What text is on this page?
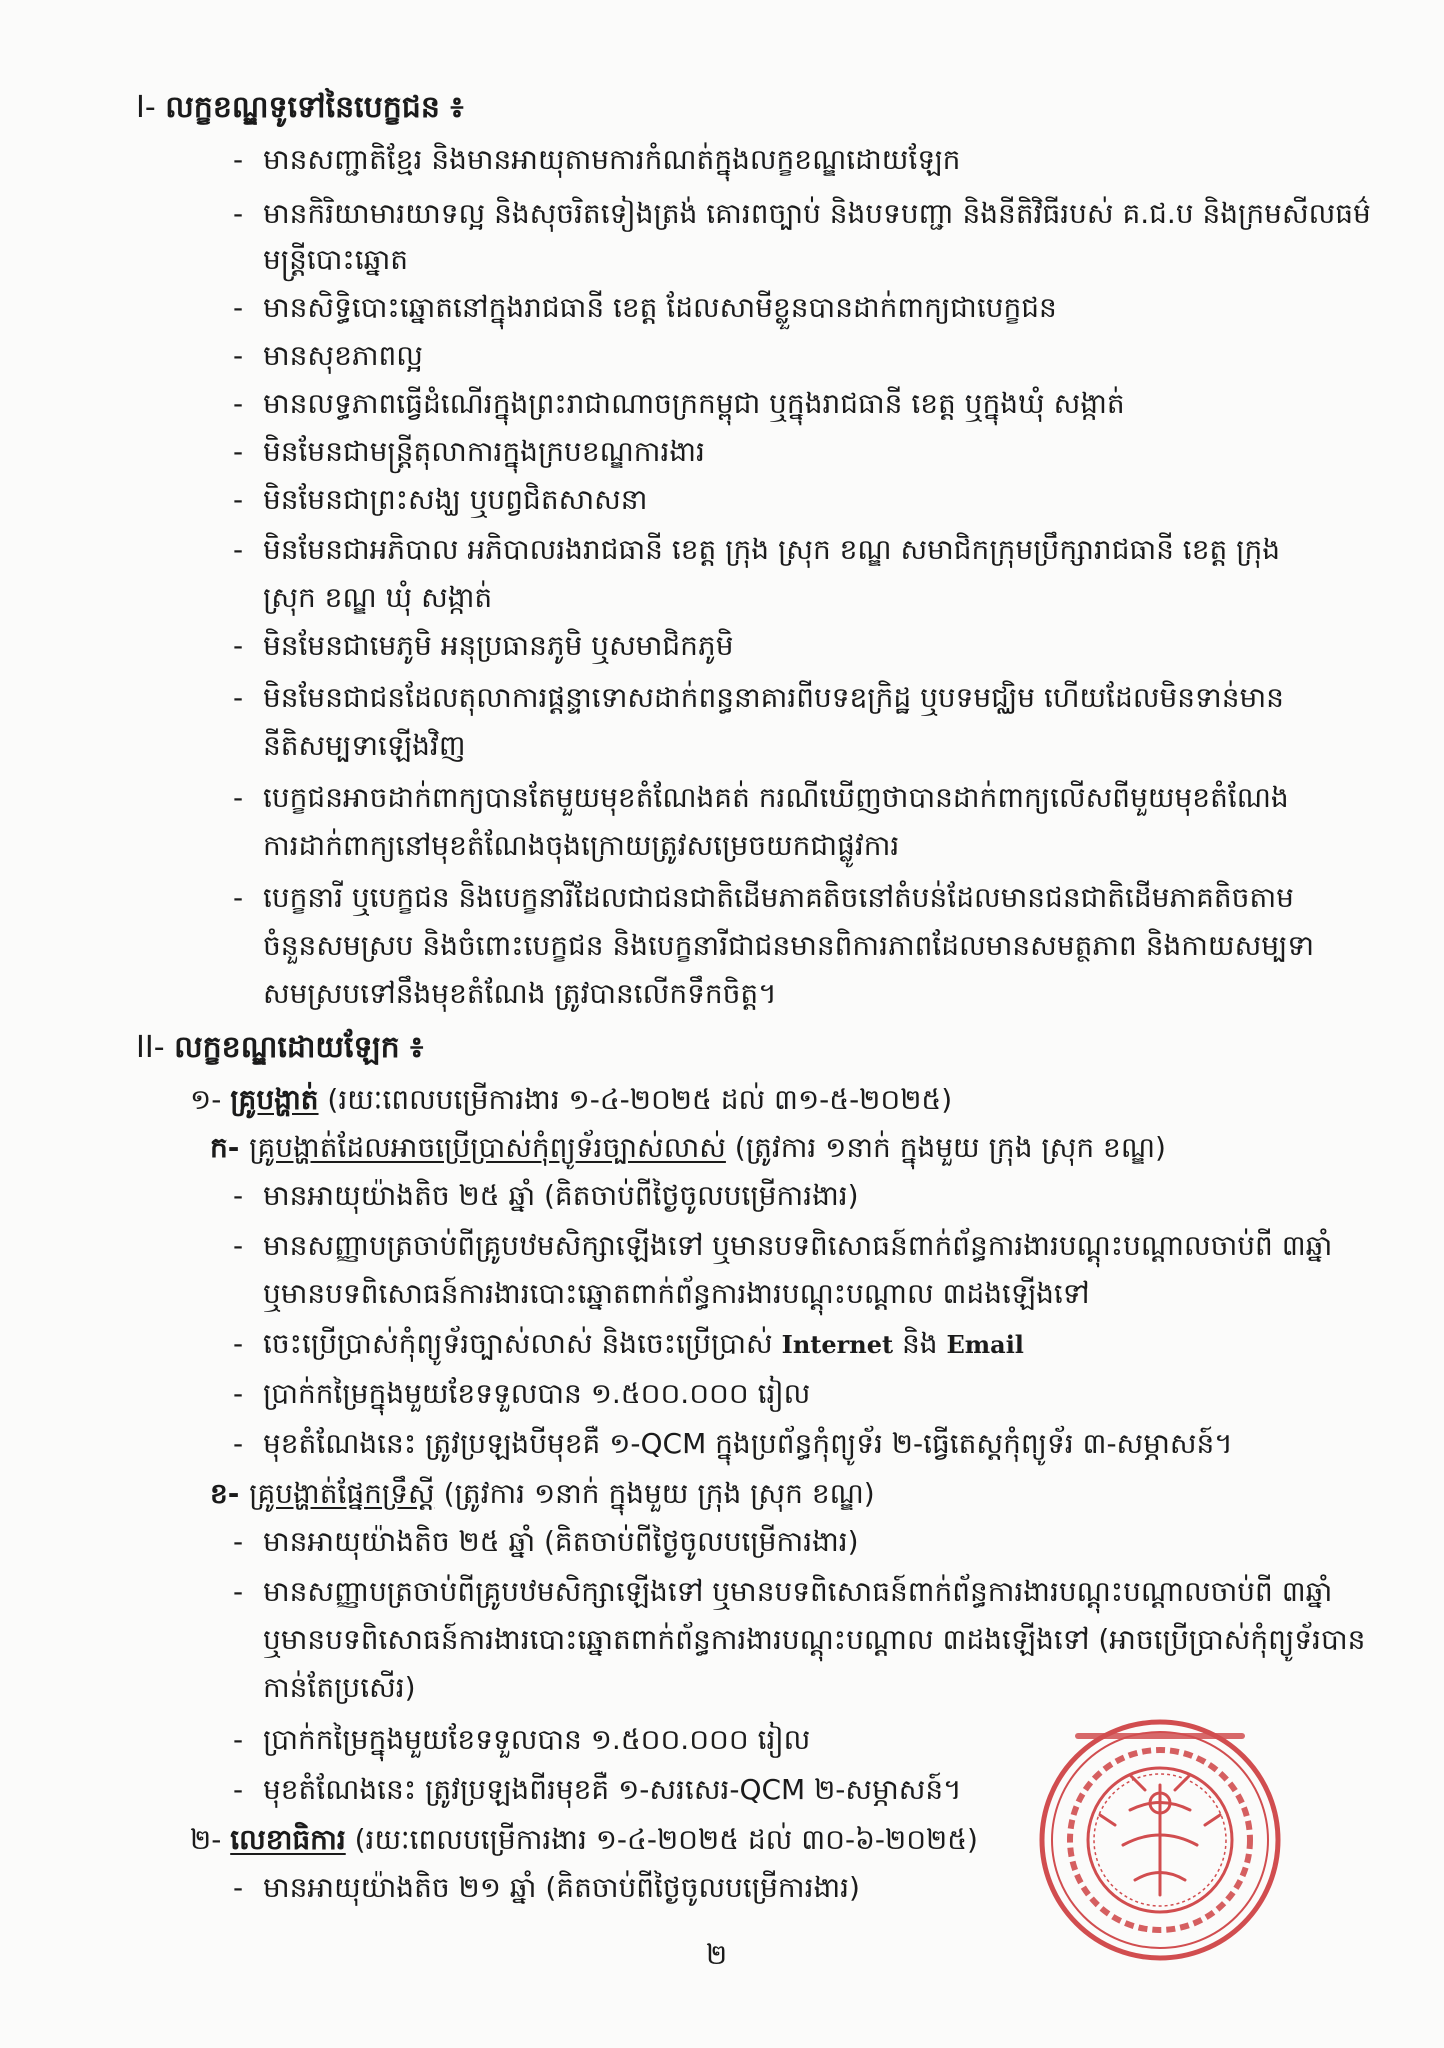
I- លក្ខខណ្ឌទូទៅនៃបេក្ខជន ៖
- មានសញ្ជាតិខ្មែរ និងមានអាយុតាមការកំណត់ក្នុងលក្ខខណ្ឌដោយឡែក
- មានកិរិយាមារយាទល្អ និងសុចរិតទៀងត្រង់ គោរពច្បាប់ និងបទបញ្ជា និងនីតិវិធីរបស់ គ.ជ.ប និងក្រមសីលធម៌
មន្ត្រីបោះឆ្នោត
- មានសិទ្ធិបោះឆ្នោតនៅក្នុងរាជធានី ខេត្ត ដែលសាមីខ្លួនបានដាក់ពាក្យជាបេក្ខជន
- មានសុខភាពល្អ
- មានលទ្ធភាពធ្វើដំណើរក្នុងព្រះរាជាណាចក្រកម្ពុជា ឬក្នុងរាជធានី ខេត្ត ឬក្នុងឃុំ សង្កាត់
- មិនមែនជាមន្ត្រីតុលាការក្នុងក្របខណ្ឌការងារ
- មិនមែនជាព្រះសង្ឃ ឬបព្វជិតសាសនា
- មិនមែនជាអភិបាល អភិបាលរងរាជធានី ខេត្ត ក្រុង ស្រុក ខណ្ឌ សមាជិកក្រុមប្រឹក្សារាជធានី ខេត្ត ក្រុង
ស្រុក ខណ្ឌ ឃុំ សង្កាត់
- មិនមែនជាមេភូមិ អនុប្រធានភូមិ ឬសមាជិកភូមិ
- មិនមែនជាជនដែលតុលាការផ្តន្ទាទោសដាក់ពន្ធនាគារពីបទឧក្រិដ្ឋ ឬបទមជ្ឈិម ហើយដែលមិនទាន់មាន
នីតិសម្បទាឡើងវិញ
- បេក្ខជនអាចដាក់ពាក្យបានតែមួយមុខតំណែងគត់ ករណីឃើញថាបានដាក់ពាក្យលើសពីមួយមុខតំណែង
ការដាក់ពាក្យនៅមុខតំណែងចុងក្រោយត្រូវសម្រេចយកជាផ្លូវការ
- បេក្ខនារី ឬបេក្ខជន និងបេក្ខនារីដែលជាជនជាតិដើមភាគតិចនៅតំបន់ដែលមានជនជាតិដើមភាគតិចតាម
ចំនួនសមស្រប និងចំពោះបេក្ខជន និងបេក្ខនារីជាជនមានពិការភាពដែលមានសមត្ថភាព និងកាយសម្បទា
សមស្របទៅនឹងមុខតំណែង ត្រូវបានលើកទឹកចិត្ត។
II- លក្ខខណ្ឌដោយឡែក ៖
១- គ្រូបង្ហាត់ (រយៈពេលបម្រើការងារ ១-៤-២០២៥ ដល់ ៣១-៥-២០២៥)
ក- គ្រូបង្ហាត់ដែលអាចប្រើប្រាស់កុំព្យូទ័រច្បាស់លាស់ (ត្រូវការ ១នាក់ ក្នុងមួយ ក្រុង ស្រុក ខណ្ឌ)
- មានអាយុយ៉ាងតិច ២៥ ឆ្នាំ (គិតចាប់ពីថ្ងៃចូលបម្រើការងារ)
- មានសញ្ញាបត្រចាប់ពីគ្រូបឋមសិក្សាឡើងទៅ ឬមានបទពិសោធន៍ពាក់ព័ន្ធការងារបណ្តុះបណ្តាលចាប់ពី ៣ឆ្នាំ
ឬមានបទពិសោធន៍ការងារបោះឆ្នោតពាក់ព័ន្ធការងារបណ្តុះបណ្តាល ៣ដងឡើងទៅ
- ចេះប្រើប្រាស់កុំព្យូទ័រច្បាស់លាស់ និងចេះប្រើប្រាស់ Internet និង Email
- ប្រាក់កម្រៃក្នុងមួយខែទទួលបាន ១.៥០០.០០០ រៀល
- មុខតំណែងនេះ ត្រូវប្រឡងបីមុខគឺ ១-QCM ក្នុងប្រព័ន្ធកុំព្យូទ័រ ២-ធ្វើតេស្តកុំព្យូទ័រ ៣-សម្ភាសន៍។
ខ- គ្រូបង្ហាត់ផ្នែកទ្រឹស្តី (ត្រូវការ ១នាក់ ក្នុងមួយ ក្រុង ស្រុក ខណ្ឌ)
- មានអាយុយ៉ាងតិច ២៥ ឆ្នាំ (គិតចាប់ពីថ្ងៃចូលបម្រើការងារ)
- មានសញ្ញាបត្រចាប់ពីគ្រូបឋមសិក្សាឡើងទៅ ឬមានបទពិសោធន៍ពាក់ព័ន្ធការងារបណ្តុះបណ្តាលចាប់ពី ៣ឆ្នាំ
ឬមានបទពិសោធន៍ការងារបោះឆ្នោតពាក់ព័ន្ធការងារបណ្តុះបណ្តាល ៣ដងឡើងទៅ (អាចប្រើប្រាស់កុំព្យូទ័របាន
កាន់តែប្រសើរ)
- ប្រាក់កម្រៃក្នុងមួយខែទទួលបាន ១.៥០០.០០០ រៀល
- មុខតំណែងនេះ ត្រូវប្រឡងពីរមុខគឺ ១-សរសេរ-QCM ២-សម្ភាសន៍។
២- លេខាធិការ (រយៈពេលបម្រើការងារ ១-៤-២០២៥ ដល់ ៣០-៦-២០២៥)
- មានអាយុយ៉ាងតិច ២១ ឆ្នាំ (គិតចាប់ពីថ្ងៃចូលបម្រើការងារ)
២
